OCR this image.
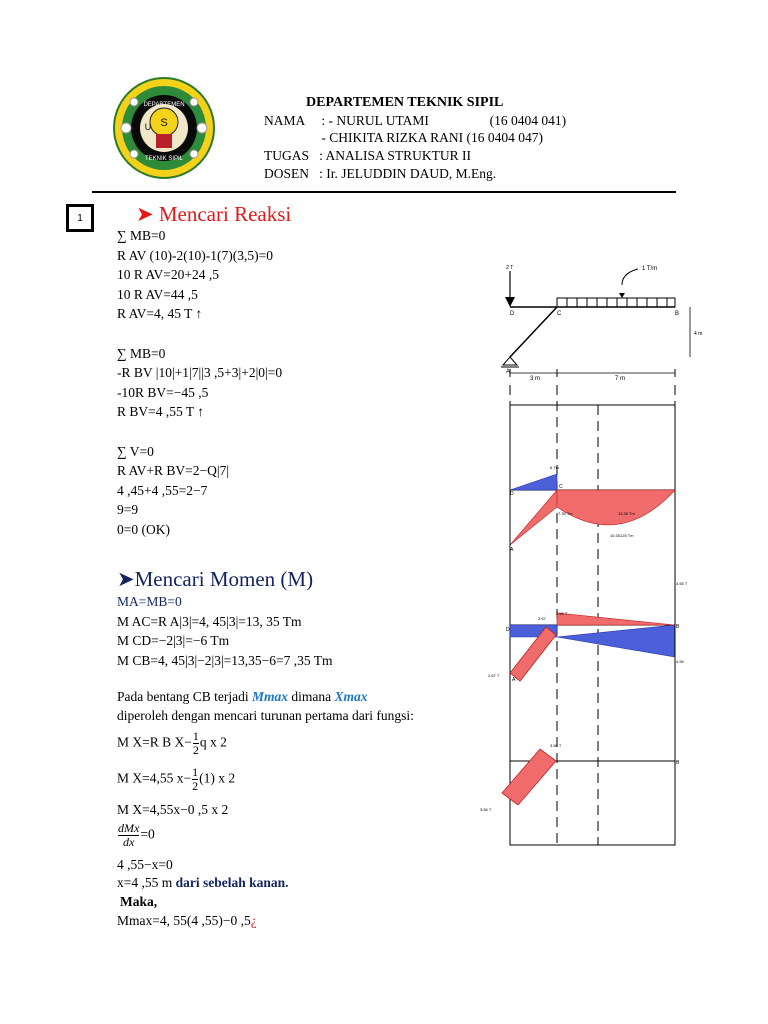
DEPARTEMEN
TEKNIK SIPIL
S
U
DEPARTEMEN TEKNIK SIPIL
NAMA     : - NURUL UTAMI                  (16 0404 041)
- CHIKITA RIZKA RANI (16 0404 047)
TUGAS   : ANALISA STRUKTUR II
DOSEN   : Ir. JELUDDIN DAUD, M.Eng.
1	➤ Mencari Reaksi
∑ MB=0
R AV (10)-2(10)-1(7)(3,5)=0
10 R AV=20+24 ,5
10 R AV=44 ,5
R AV=4, 45 T ↑
∑ MB=0
-R BV |10|+1|7||3 ,5+3|+2|0|=0
-10R BV=−45 ,5
R BV=4 ,55 T ↑
∑ V=0
R AV+R BV=2−Q|7|
4 ,45+4 ,55=2−7
9=9
0=0 (OK)
➤Mencari Momen (M)
MA=MB=0
M AC=R A|3|=4, 45|3|=13, 35 Tm
M CD=−2|3|=−6 Tm
M CB=4, 45|3|−2|3|=13,35−6=7 ,35 Tm
Pada bentang CB terjadi Mmax dimana Xmax
diperoleh dengan mencari turunan pertama dari fungsi:
M X=R B $X- \frac{1}{2}$ q x 2
M X=4,55 $x- \frac{1}{2} (1)$ x 2
M X=4,55x−0 ,5 x 2
$\frac{\text{dMx}}{dx} =0$
4 ,55−x=0
x=4 ,55 m dari sebelah kanan.
Maka,
Mmax=4, 55(4 ,55)−0 ,5¿
2 T	1 T/m
D	C	B
A
3 m	7 m
4 m
6 Tm
7.35 Tm	13.35 Tm
10.35125 Tm
D
C
A
4.55 T
2.67
2.55 T
4.55
2.67 T
D	B
A
3.56 T
3.56 T
B
